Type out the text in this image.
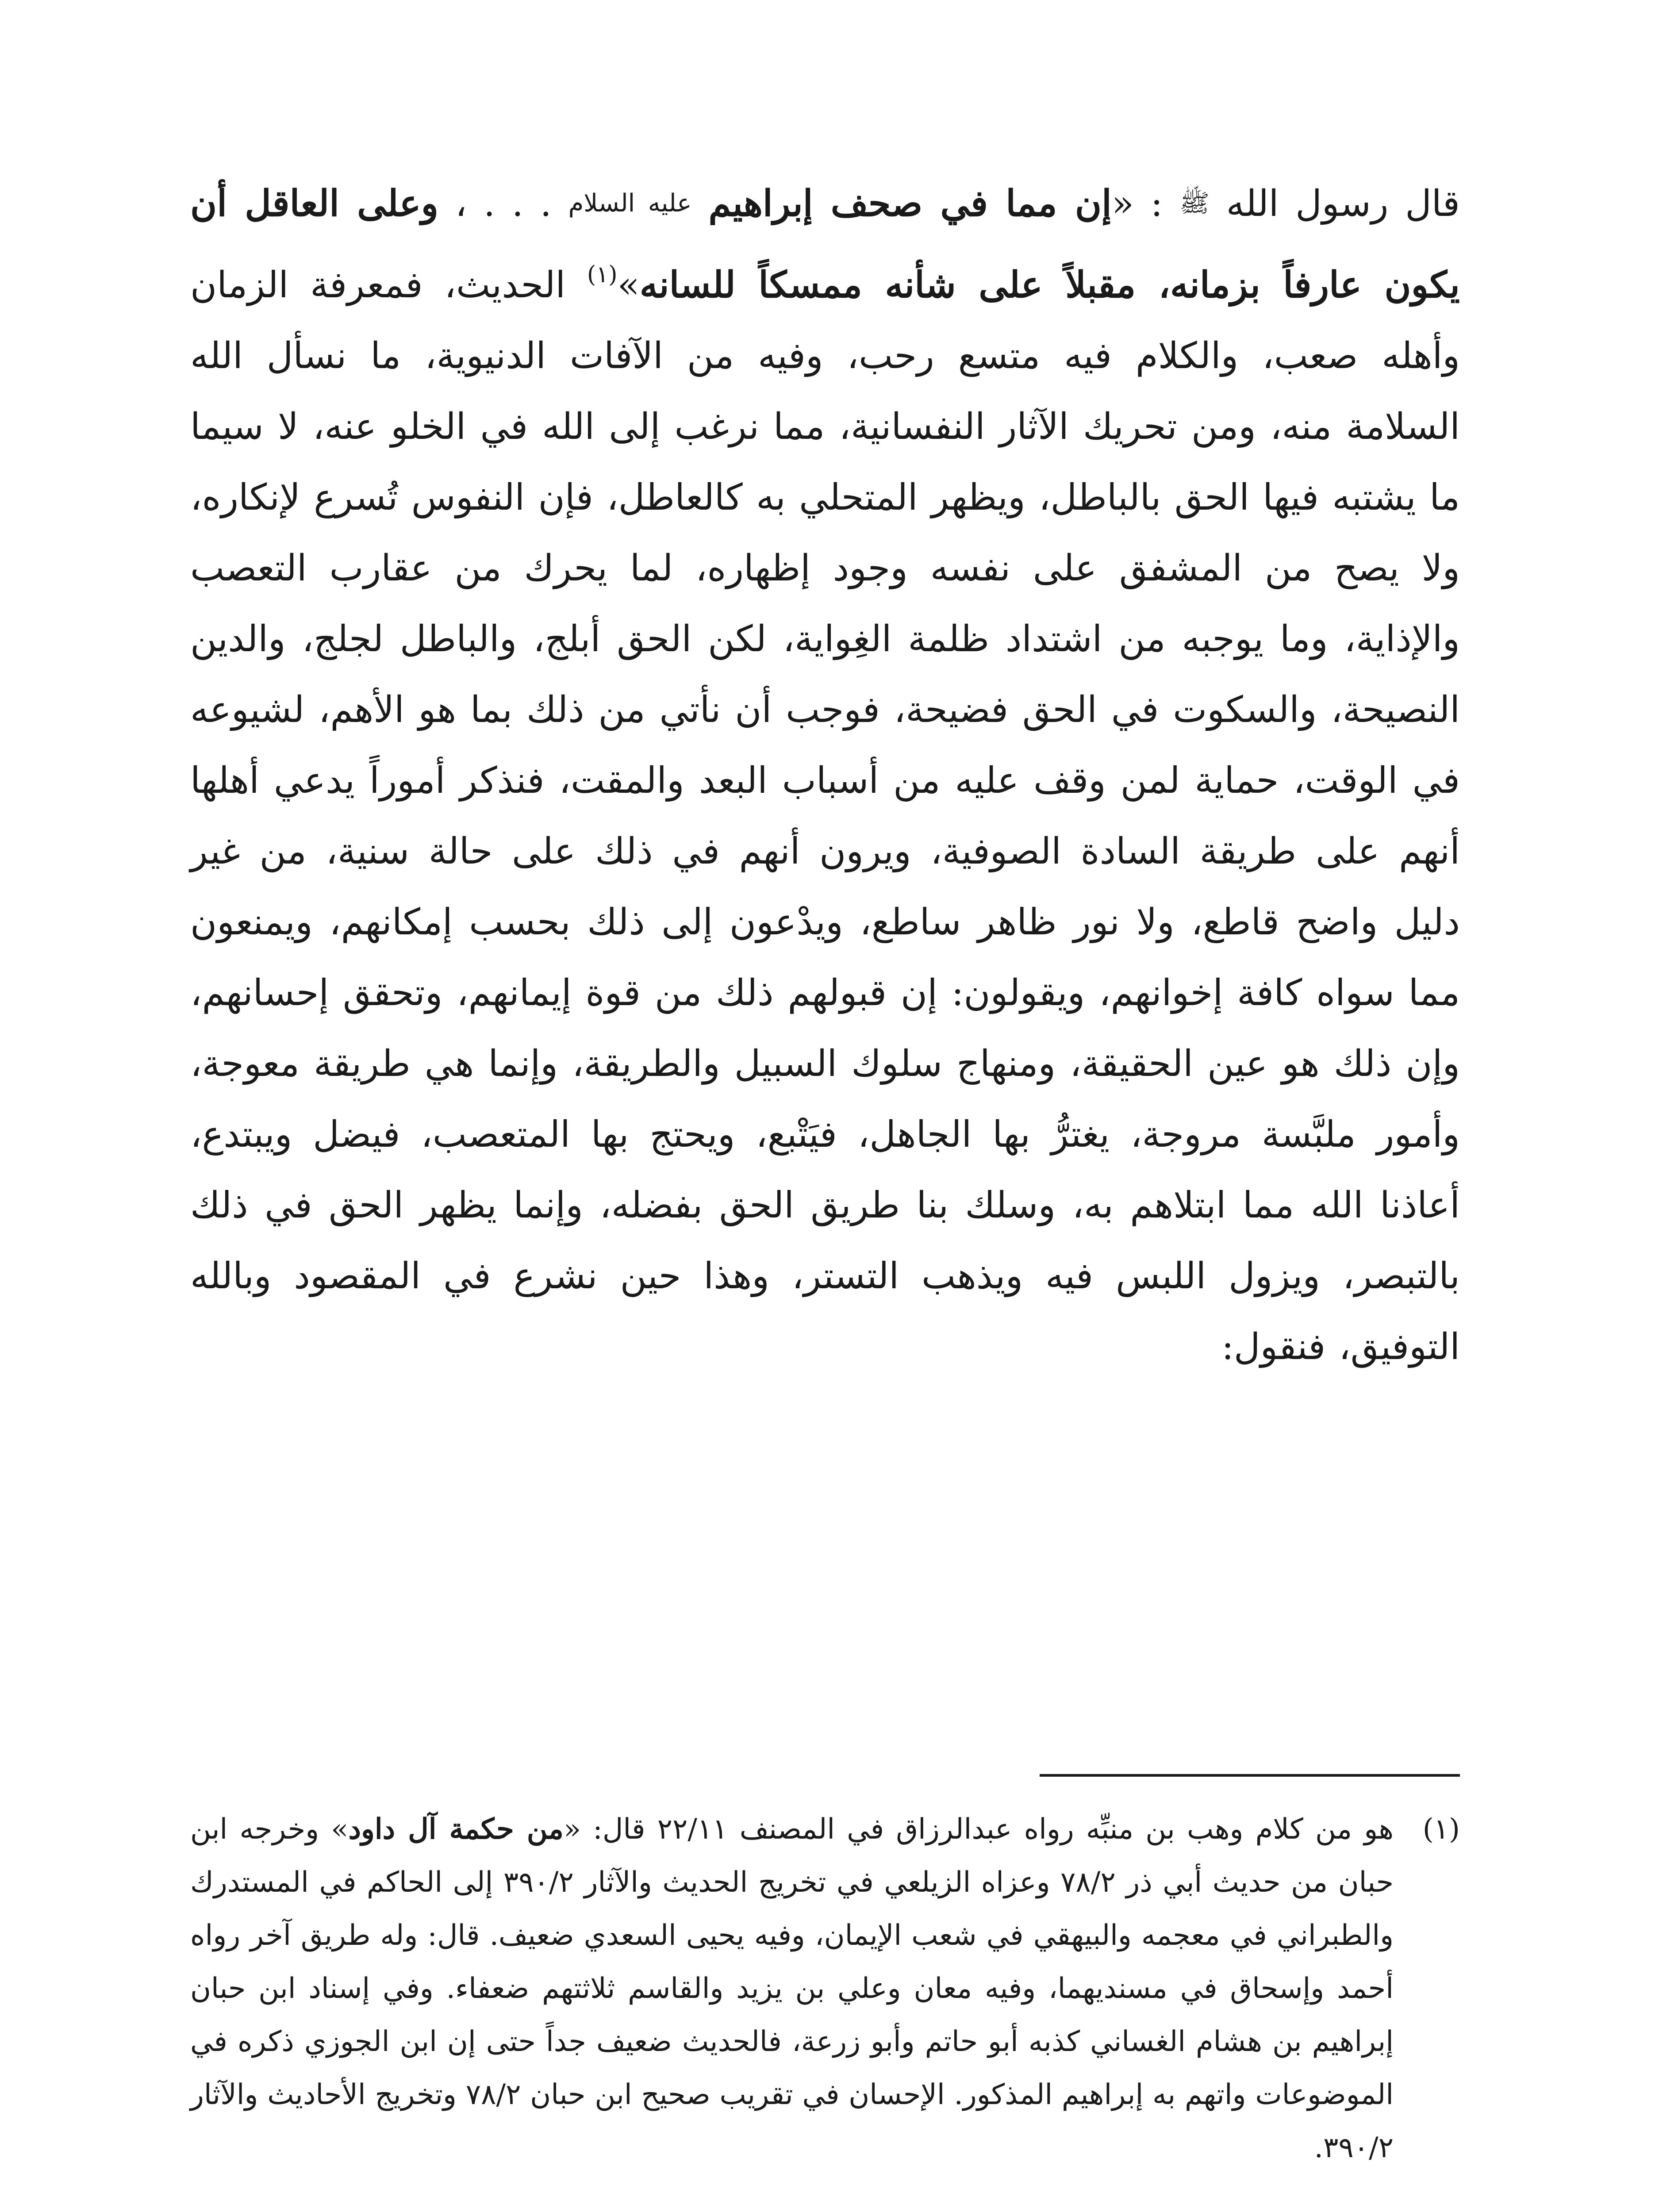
قال رسول الله ﷺ : «إن مما في صحف إبراهيم عليه السلام . . . ، وعلى العاقل أن يكون عارفاً بزمانه، مقبلاً على شأنه ممسكاً للسانه»$^{(١)}$ الحديث، فمعرفة الزمان وأهله صعب، والكلام فيه متسع رحب، وفيه من الآفات الدنيوية، ما نسأل الله السلامة منه، ومن تحريك الآثار النفسانية، مما نرغب إلى الله في الخلو عنه، لا سيما ما يشتبه فيها الحق بالباطل، ويظهر المتحلي به كالعاطل، فإن النفوس تُسرع لإنكاره، ولا يصح من المشفق على نفسه وجود إظهاره، لما يحرك من عقارب التعصب والإذاية، وما يوجبه من اشتداد ظلمة الغِواية، لكن الحق أبلج، والباطل لجلج، والدين النصيحة، والسكوت في الحق فضيحة، فوجب أن نأتي من ذلك بما هو الأهم، لشيوعه في الوقت، حماية لمن وقف عليه من أسباب البعد والمقت، فنذكر أموراً يدعي أهلها أنهم على طريقة السادة الصوفية، ويرون أنهم في ذلك على حالة سنية، من غير دليل واضح قاطع، ولا نور ظاهر ساطع، ويدْعون إلى ذلك بحسب إمكانهم، ويمنعون مما سواه كافة إخوانهم، ويقولون: إن قبولهم ذلك من قوة إيمانهم، وتحقق إحسانهم، وإن ذلك هو عين الحقيقة، ومنهاج سلوك السبيل والطريقة، وإنما هي طريقة معوجة، وأمور ملبَّسة مروجة، يغترُّ بها الجاهل، فيَتْبع، ويحتج بها المتعصب، فيضل ويبتدع، أعاذنا الله مما ابتلاهم به، وسلك بنا طريق الحق بفضله، وإنما يظهر الحق في ذلك بالتبصر، ويزول اللبس فيه ويذهب التستر، وهذا حين نشرع في المقصود وبالله التوفيق، فنقول:
(١)
هو من كلام وهب بن منبِّه رواه عبدالرزاق في المصنف ٢٢/١١ قال: «من حكمة آل داود» وخرجه ابن حبان من حديث أبي ذر ٧٨/٢ وعزاه الزيلعي في تخريج الحديث والآثار ٣٩٠/٢ إلى الحاكم في المستدرك والطبراني في معجمه والبيهقي في شعب الإيمان، وفيه يحيى السعدي ضعيف. قال: وله طريق آخر رواه أحمد وإسحاق في مسنديهما، وفيه معان وعلي بن يزيد والقاسم ثلاثتهم ضعفاء. وفي إسناد ابن حبان إبراهيم بن هشام الغساني كذبه أبو حاتم وأبو زرعة، فالحديث ضعيف جداً حتى إن ابن الجوزي ذكره في الموضوعات واتهم به إبراهيم المذكور. الإحسان في تقريب صحيح ابن حبان ٧٨/٢ وتخريج الأحاديث والآثار ٣٩٠/٢.
